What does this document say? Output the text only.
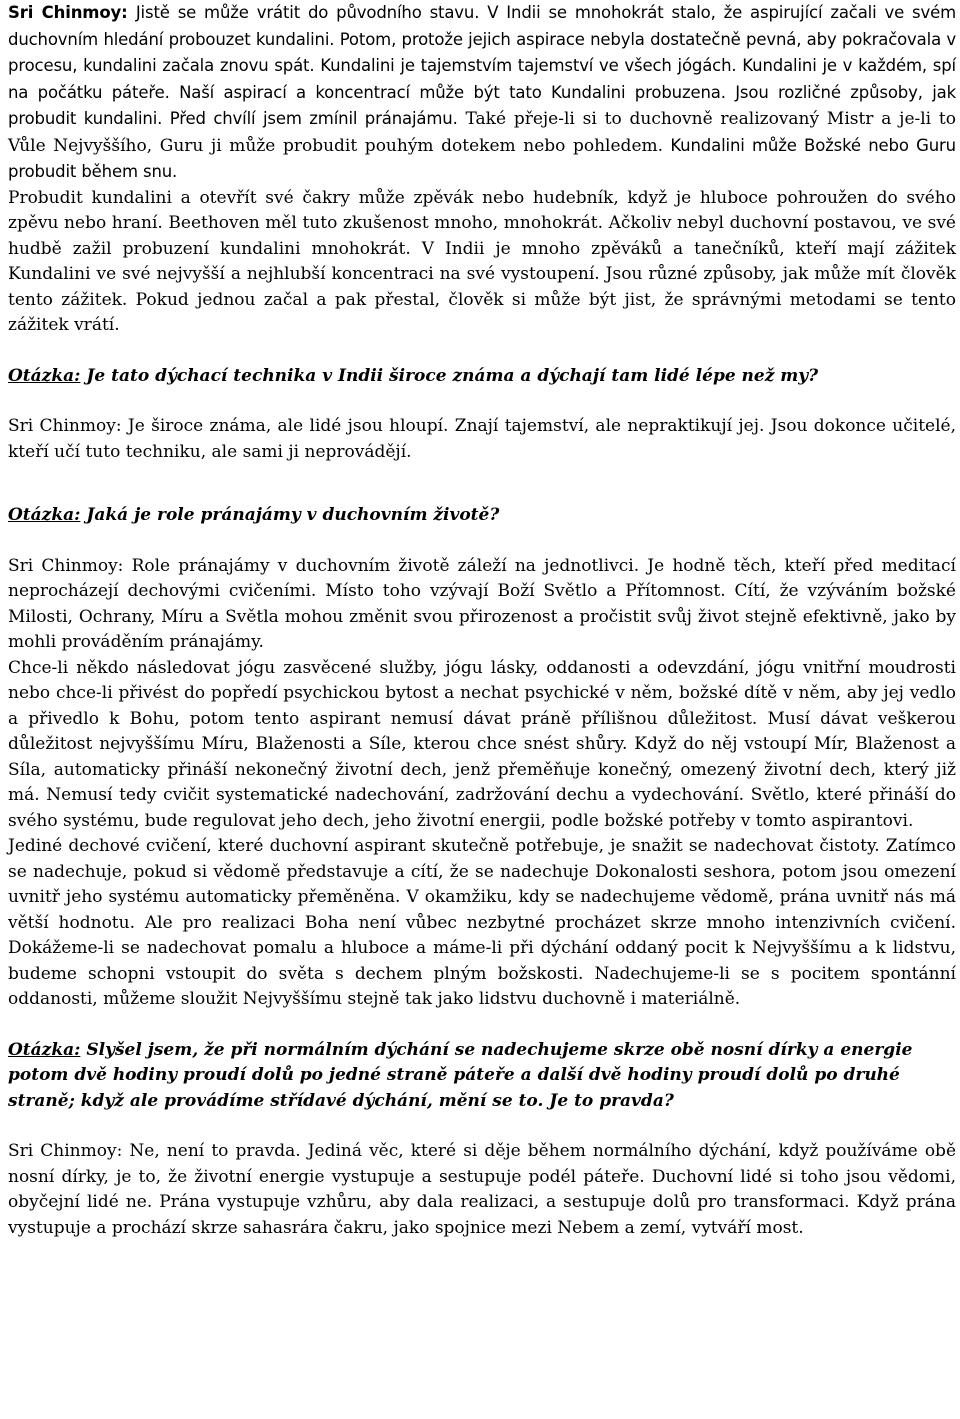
Sri Chinmoy: Jistě se může vrátit do původního stavu. V Indii se mnohokrát stalo, že aspirující začali ve svém duchovním hledání probouzet kundalini. Potom, protože jejich aspirace nebyla dostatečně pevná, aby pokračovala v procesu, kundalini začala znovu spát. Kundalini je tajemstvím tajemství ve všech jógách. Kundalini je v každém, spí na počátku páteře. Naší aspirací a koncentrací může být tato Kundalini probuzena. Jsou rozličné způsoby, jak probudit kundalini. Před chvílí jsem zmínil pránajámu. Také přeje-li si to duchovně realizovaný Mistr a je-li to Vůle Nejvyššího, Guru ji může probudit pouhým dotekem nebo pohledem. Kundalini může Božské nebo Guru probudit během snu.

Probudit kundalini a otevřít své čakry může zpěvák nebo hudebník, když je hluboce pohroužen do svého zpěvu nebo hraní. Beethoven měl tuto zkušenost mnoho, mnohokrát. Ačkoliv nebyl duchovní postavou, ve své hudbě zažil probuzení kundalini mnohokrát. V Indii je mnoho zpěváků a tanečníků, kteří mají zážitek Kundalini ve své nejvyšší a nejhlubší koncentraci na své vystoupení. Jsou různé způsoby, jak může mít člověk tento zážitek. Pokud jednou začal a pak přestal, člověk si může být jist, že správnými metodami se tento zážitek vrátí.

Otázka: Je tato dýchací technika v Indii široce známa a dýchají tam lidé lépe než my?

Sri Chinmoy: Je široce známa, ale lidé jsou hloupí. Znají tajemství, ale nepraktikují jej. Jsou dokonce učitelé, kteří učí tuto techniku, ale sami ji neprovádějí.

Otázka: Jaká je role pránajámy v duchovním životě?

Sri Chinmoy: Role pránajámy v duchovním životě záleží na jednotlivci. Je hodně těch, kteří před meditací neprocházejí dechovými cvičeními. Místo toho vzývají Boží Světlo a Přítomnost. Cítí, že vzýváním božské Milosti, Ochrany, Míru a Světla mohou změnit svou přirozenost a pročistit svůj život stejně efektivně, jako by mohli prováděním pránajámy.

Chce-li někdo následovat jógu zasvěcené služby, jógu lásky, oddanosti a odevzdání, jógu vnitřní moudrosti nebo chce-li přivést do popředí psychickou bytost a nechat psychické v něm, božské dítě v něm, aby jej vedlo a přivedlo k Bohu, potom tento aspirant nemusí dávat práně přílišnou důležitost. Musí dávat veškerou důležitost nejvyššímu Míru, Blaženosti a Síle, kterou chce snést shůry. Když do něj vstoupí Mír, Blaženost a Síla, automaticky přináší nekonečný životní dech, jenž přeměňuje konečný, omezený životní dech, který již má. Nemusí tedy cvičit systematické nadechování, zadržování dechu a vydechování. Světlo, které přináší do svého systému, bude regulovat jeho dech, jeho životní energii, podle božské potřeby v tomto aspirantovi.

Jediné dechové cvičení, které duchovní aspirant skutečně potřebuje, je snažit se nadechovat čistoty. Zatímco se nadechuje, pokud si vědomě představuje a cítí, že se nadechuje Dokonalosti seshora, potom jsou omezení uvnitř jeho systému automaticky přeměněna. V okamžiku, kdy se nadechujeme vědomě, prána uvnitř nás má větší hodnotu. Ale pro realizaci Boha není vůbec nezbytné procházet skrze mnoho intenzivních cvičení. Dokážeme-li se nadechovat pomalu a hluboce a máme-li při dýchání oddaný pocit k Nejvyššímu a k lidstvu, budeme schopni vstoupit do světa s dechem plným božskosti. Nadechujeme-li se s pocitem spontánní oddanosti, můžeme sloužit Nejvyššímu stejně tak jako lidstvu duchovně i materiálně.

Otázka: Slyšel jsem, že při normálním dýchání se nadechujeme skrze obě nosní dírky a energie potom dvě hodiny proudí dolů po jedné straně páteře a další dvě hodiny proudí dolů po druhé straně; když ale provádíme střídavé dýchání, mění se to. Je to pravda?

Sri Chinmoy: Ne, není to pravda. Jediná věc, které si děje během normálního dýchání, když používáme obě nosní dírky, je to, že životní energie vystupuje a sestupuje podél páteře. Duchovní lidé si toho jsou vědomi, obyčejní lidé ne. Prána vystupuje vzhůru, aby dala realizaci, a sestupuje dolů pro transformaci. Když prána vystupuje a prochází skrze sahasrára čakru, jako spojnice mezi Nebem a zemí, vytváří most.
